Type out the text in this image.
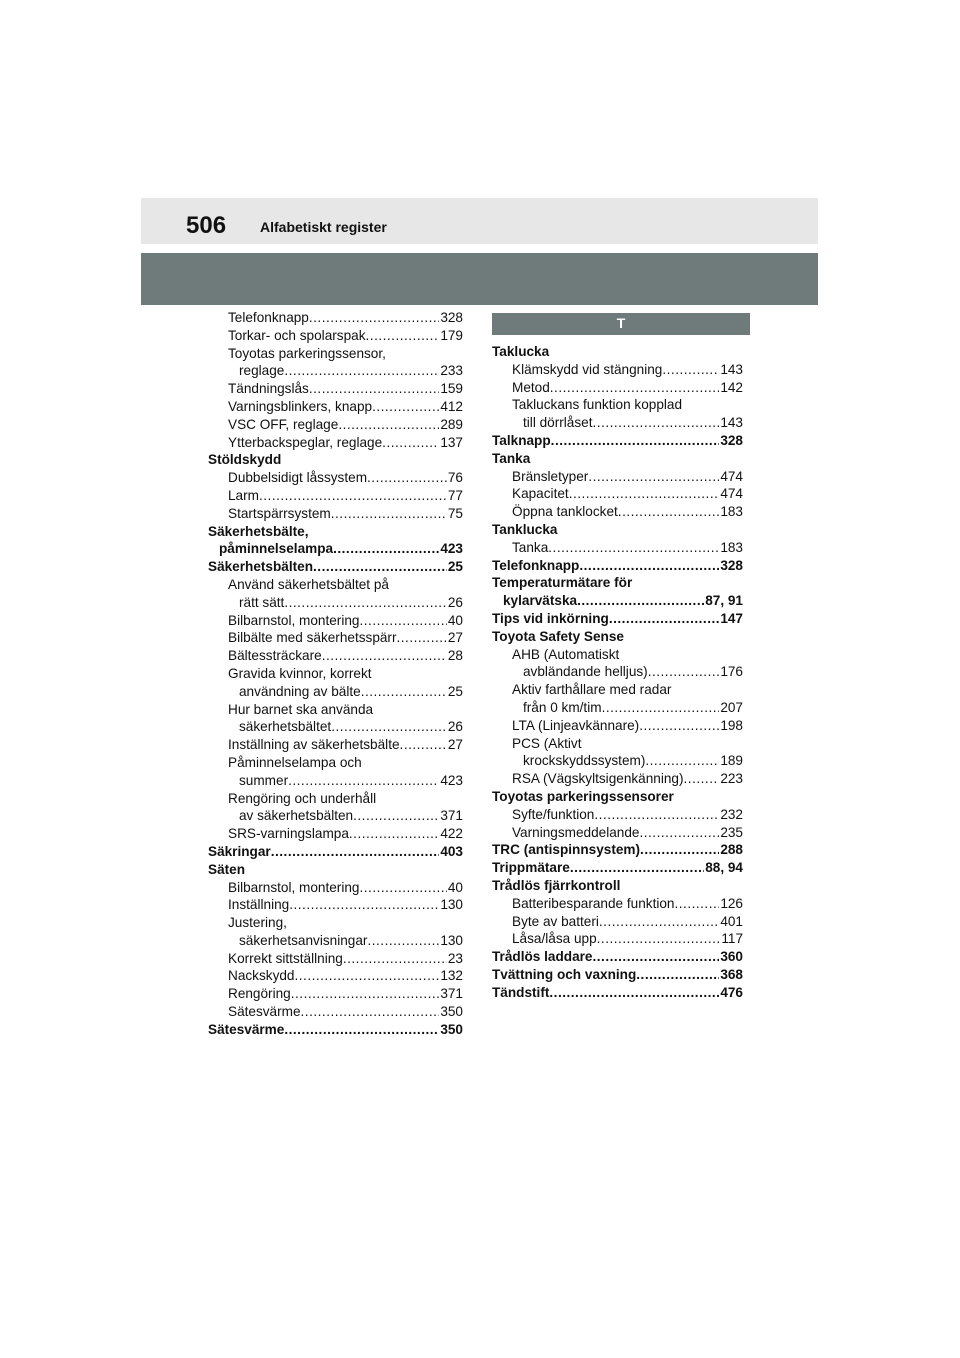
506 Alfabetiskt register
Telefonknapp .....	328
Torkar- och spolarspak .....	179
Toyotas parkeringssensor,
reglage .....	233
Tändningslås .....	159
Varningsblinkers, knapp .....	412
VSC OFF, reglage .....	289
Ytterbackspeglar, reglage .....	137
Stöldskydd
Dubbelsidigt låssystem .....	76
Larm .....	77
Startspärrsystem .....	75
Säkerhetsbälte,
påminnelselampa .....	423
Säkerhetsbälten .....	25
Använd säkerhetsbältet på
rätt sätt .....	26
Bilbarnstol, montering .....	40
Bilbälte med säkerhetsspärr .....	27
Bältessträckare .....	28
Gravida kvinnor, korrekt
användning av bälte .....	25
Hur barnet ska använda
säkerhetsbältet .....	26
Inställning av säkerhetsbälte .....	27
Påminnelselampa och
summer .....	423
Rengöring och underhåll
av säkerhetsbälten .....	371
SRS-varningslampa .....	422
Säkringar .....	403
Säten
Bilbarnstol, montering .....	40
Inställning .....	130
Justering,
säkerhetsanvisningar .....	130
Korrekt sittställning .....	23
Nackskydd .....	132
Rengöring .....	371
Sätesvärme .....	350
Sätesvärme .....	350
T
Taklucka
Klämskydd vid stängning .....	143
Metod .....	142
Takluckans funktion kopplad
till dörrlåset .....	143
Talknapp .....	328
Tanka
Bränsletyper .....	474
Kapacitet .....	474
Öppna tanklocket .....	183
Tanklucka
Tanka .....	183
Telefonknapp .....	328
Temperaturmätare för
kylarvätska .....	87, 91
Tips vid inkörning .....	147
Toyota Safety Sense
AHB (Automatiskt
avbländande helljus) .....	176
Aktiv farthållare med radar
från 0 km/tim .....	207
LTA (Linjeavkännare) .....	198
PCS (Aktivt
krockskyddssystem) .....	189
RSA (Vägskyltsigenkänning) .....	223
Toyotas parkeringssensorer
Syfte/funktion .....	232
Varningsmeddelande .....	235
TRC (antispinnsystem) .....	288
Trippmätare .....	88, 94
Trådlös fjärrkontroll
Batteribesparande funktion .....	126
Byte av batteri .....	401
Låsa/låsa upp .....	117
Trådlös laddare .....	360
Tvättning och vaxning .....	368
Tändstift .....	476
